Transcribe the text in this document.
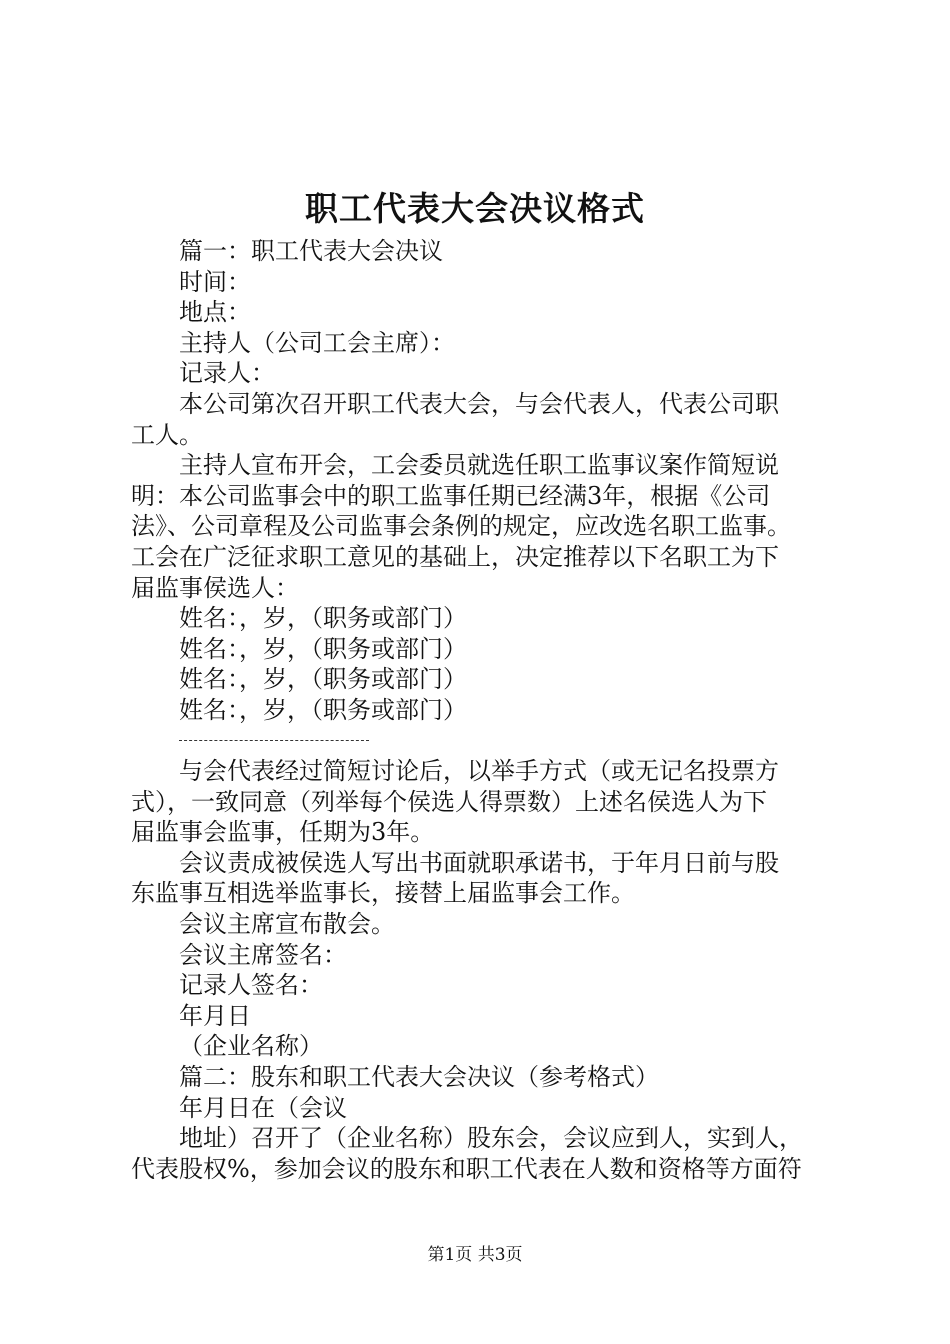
职工代表大会决议格式
篇一：职工代表大会决议
时间：
地点：
主持人（公司工会主席）：
记录人：
本公司第次召开职工代表大会，与会代表人，代表公司职
工人。
主持人宣布开会，工会委员就选任职工监事议案作简短说
明：本公司监事会中的职工监事任期已经满3年，根据《公司
法》、公司章程及公司监事会条例的规定，应改选名职工监事。
工会在广泛征求职工意见的基础上，决定推荐以下名职工为下
届监事侯选人：
姓名：，岁，（职务或部门）
姓名：，岁，（职务或部门）
姓名：，岁，（职务或部门）
姓名：，岁，（职务或部门）
与会代表经过简短讨论后，以举手方式（或无记名投票方
式），一致同意（列举每个侯选人得票数）上述名侯选人为下
届监事会监事，任期为3年。
会议责成被侯选人写出书面就职承诺书，于年月日前与股
东监事互相选举监事长，接替上届监事会工作。
会议主席宣布散会。
会议主席签名：
记录人签名：
年月日
（企业名称）
篇二：股东和职工代表大会决议（参考格式）
年月日在（会议
地址）召开了（企业名称）股东会，会议应到人，实到人，
代表股权%，参加会议的股东和职工代表在人数和资格等方面符
第1页 共3页
